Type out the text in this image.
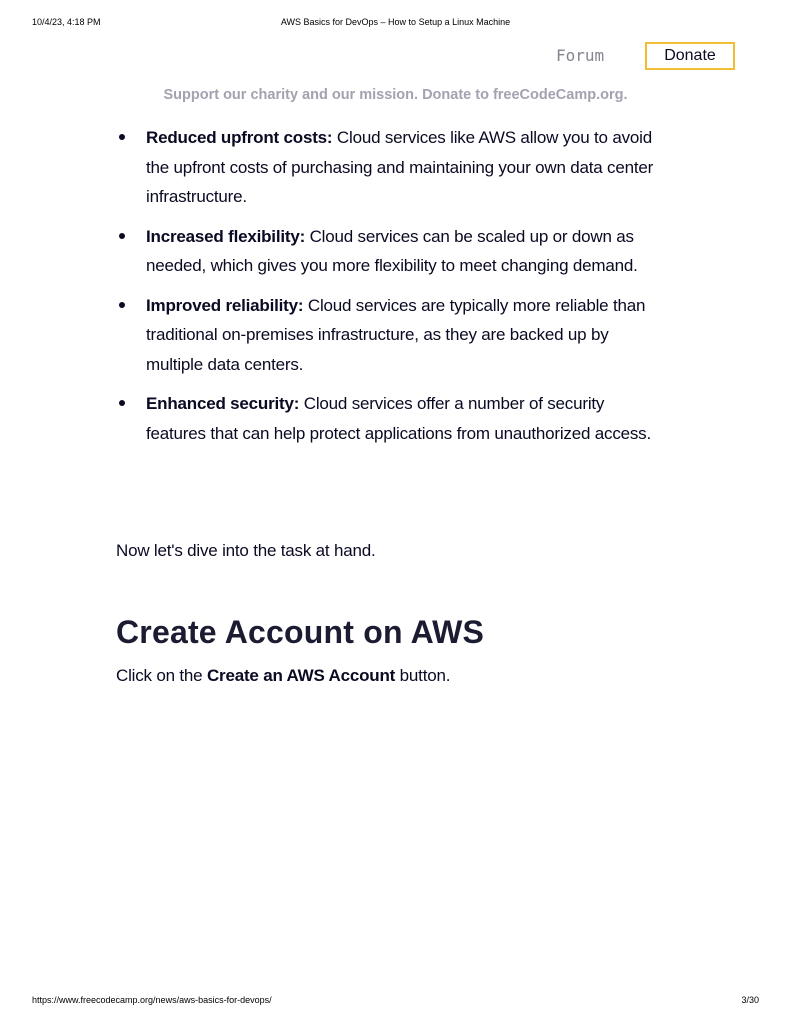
10/4/23, 4:18 PM	AWS Basics for DevOps – How to Setup a Linux Machine
Forum	Donate
Support our charity and our mission. Donate to freeCodeCamp.org.
Reduced upfront costs: Cloud services like AWS allow you to avoid the upfront costs of purchasing and maintaining your own data center infrastructure.
Increased flexibility: Cloud services can be scaled up or down as needed, which gives you more flexibility to meet changing demand.
Improved reliability: Cloud services are typically more reliable than traditional on-premises infrastructure, as they are backed up by multiple data centers.
Enhanced security: Cloud services offer a number of security features that can help protect applications from unauthorized access.

Now let's dive into the task at hand.

Create Account on AWS

Click on the Create an AWS Account button.

https://www.freecodecamp.org/news/aws-basics-for-devops/	3/30
